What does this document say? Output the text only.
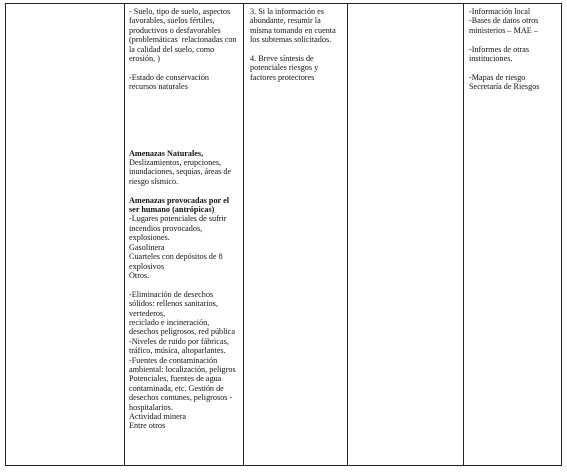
- Suelo, tipo de suelo, aspectos
favorables, suelos fértiles,
productivos o desfavorables
(problemáticas  relacionadas con
la calidad del suelo, como
erosión, )
-Estado de conservación
recursos naturales
Amenazas Naturales,
Deslizamientos, erupciones,
inundaciones, sequías, áreas de
riesgo sísmico.
Amenazas provocadas por el
ser humano (antrópicas)
-Lugares potenciales de sufrir
incendios provocados,
explosiones.
Gasolinera
Cuarteles con depósitos de 8
explosivos
Otros.
-Eliminación de desechos
sólidos: rellenos sanitarios,
vertederos,
reciclado e incineración,
desechos peligrosos, red pública
-Niveles de ruido por fábricas,
tráfico, música, altoparlantes.
-Fuentes de contaminación
ambiental: localización, peligros
Potenciales, fuentes de agua
contaminada, etc. Gestión de
desechos comunes, peligrosos -
hospitalarios.
Actividad minera
Entre otros
3. Si la información es
abundante, resumir la
misma tomando en cuenta
los subtemas solicitados.
4. Breve síntesis de
potenciales riesgos y
factores protectores
-Información local
-Bases de datos otros
ministerios – MAE –
-Informes de otras
instituciones.
-Mapas de riesgo
Secretaría de Riesgos
